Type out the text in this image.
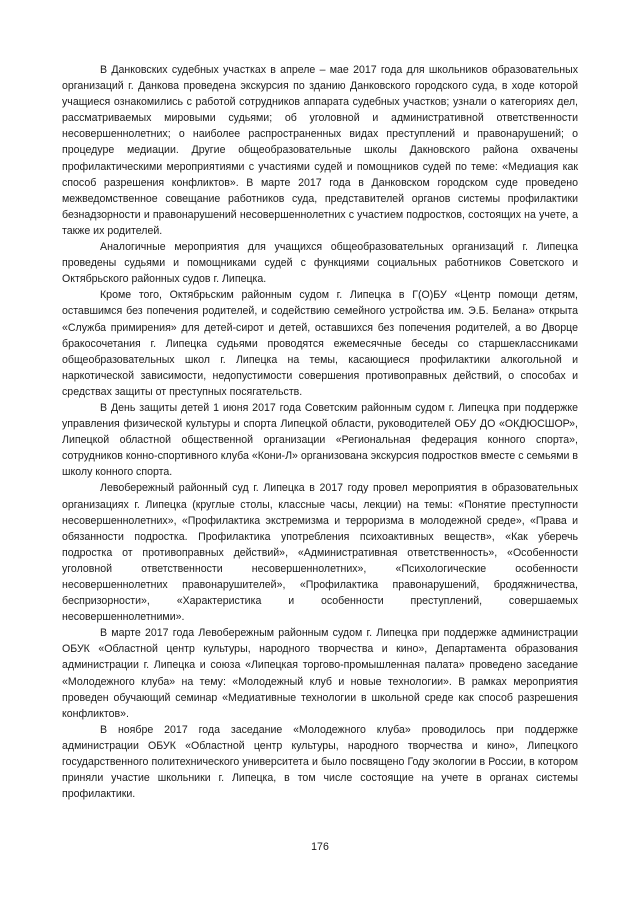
В Данковских судебных участках в апреле – мае 2017 года для школьников образовательных организаций г. Данкова проведена экскурсия по зданию Данковского городского суда, в ходе которой учащиеся ознакомились с работой сотрудников аппарата судебных участков; узнали о категориях дел, рассматриваемых мировыми судьями; об уголовной и административной ответственности несовершеннолетних; о наиболее распространенных видах преступлений и правонарушений; о процедуре медиации. Другие общеобразовательные школы Дакновского района охвачены профилактическими мероприятиями с участиями судей и помощников судей по теме: «Медиация как способ разрешения конфликтов». В марте 2017 года в Данковском городском суде проведено межведомственное совещание работников суда, представителей органов системы профилактики безнадзорности и правонарушений несовершеннолетних с участием подростков, состоящих на учете, а также их родителей.

Аналогичные мероприятия для учащихся общеобразовательных организаций г. Липецка проведены судьями и помощниками судей с функциями социальных работников Советского и Октябрьского районных судов г. Липецка.

Кроме того, Октябрьским районным судом г. Липецка в Г(О)БУ «Центр помощи детям, оставшимся без попечения родителей, и содействию семейного устройства им. Э.Б. Белана» открыта «Служба примирения» для детей-сирот и детей, оставшихся без попечения родителей, а во Дворце бракосочетания г. Липецка судьями проводятся ежемесячные беседы со старшеклассниками общеобразовательных школ г. Липецка на темы, касающиеся профилактики алкогольной и наркотической зависимости, недопустимости совершения противоправных действий, о способах и средствах защиты от преступных посягательств.

В День защиты детей 1 июня 2017 года Советским районным судом г. Липецка при поддержке управления физической культуры и спорта Липецкой области, руководителей ОБУ ДО «ОКДЮСШОР», Липецкой областной общественной организации «Региональная федерация конного спорта», сотрудников конно-спортивного клуба «Кони-Л» организована экскурсия подростков вместе с семьями в школу конного спорта.

Левобережный районный суд г. Липецка в 2017 году провел мероприятия в образовательных организациях г. Липецка (круглые столы, классные часы, лекции) на темы: «Понятие преступности несовершеннолетних», «Профилактика экстремизма и терроризма в молодежной среде», «Права и обязанности подростка. Профилактика употребления психоактивных веществ», «Как уберечь подростка от противоправных действий», «Административная ответственность», «Особенности уголовной ответственности несовершеннолетних», «Психологические особенности несовершеннолетних правонарушителей», «Профилактика правонарушений, бродяжничества, беспризорности», «Характеристика и особенности преступлений, совершаемых несовершеннолетними».

В марте 2017 года Левобережным районным судом г. Липецка при поддержке администрации ОБУК «Областной центр культуры, народного творчества и кино», Департамента образования администрации г. Липецка и союза «Липецкая торгово-промышленная палата» проведено заседание «Молодежного клуба» на тему: «Молодежный клуб и новые технологии». В рамках мероприятия проведен обучающий семинар «Медиативные технологии в школьной среде как способ разрешения конфликтов».

В ноябре 2017 года заседание «Молодежного клуба» проводилось при поддержке администрации ОБУК «Областной центр культуры, народного творчества и кино», Липецкого государственного политехнического университета и было посвящено Году экологии в России, в котором приняли участие школьники г. Липецка, в том числе состоящие на учете в органах системы профилактики.

176
